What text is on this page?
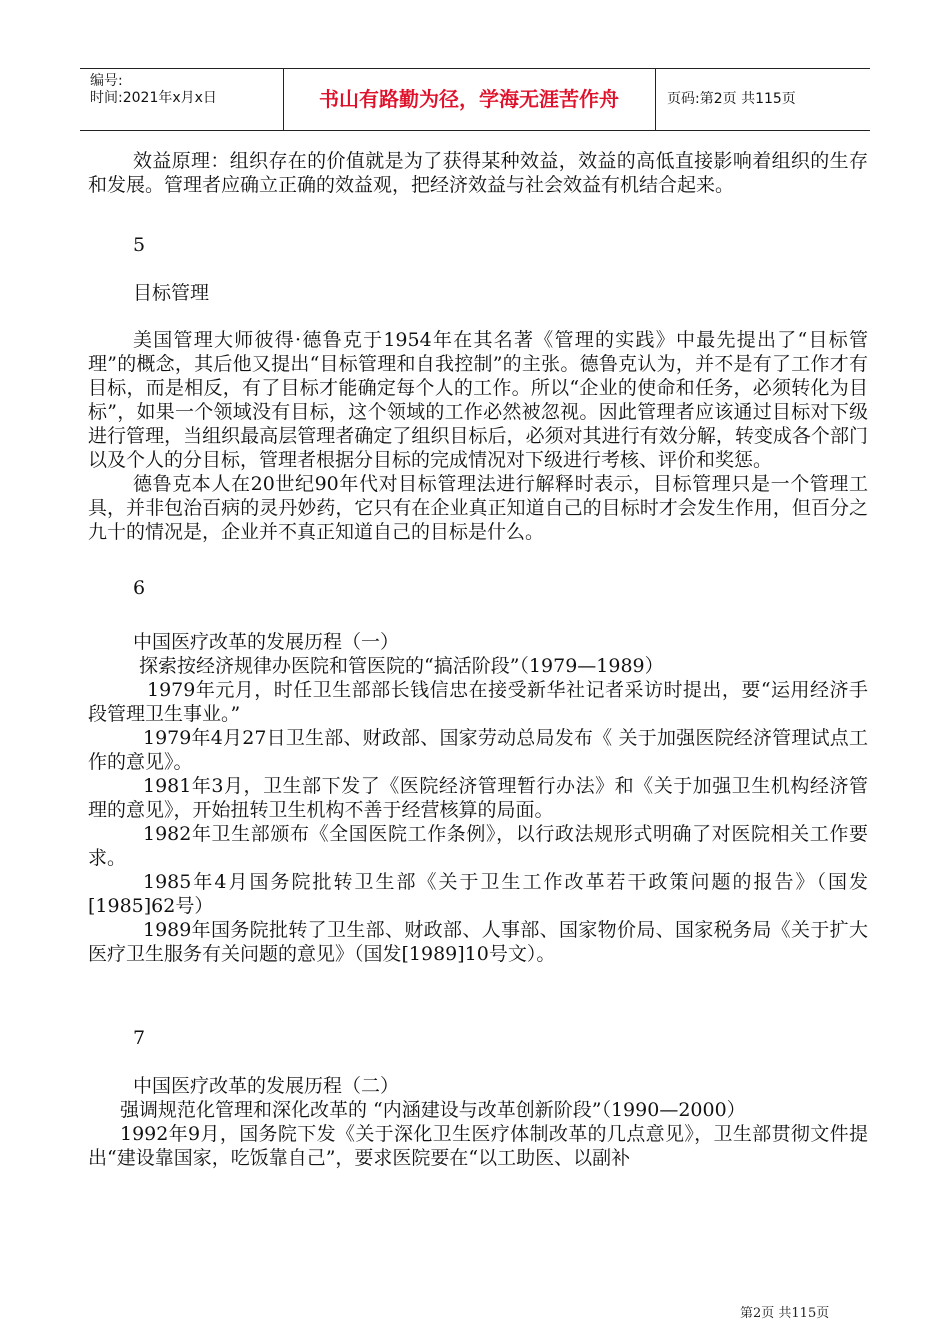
编号:
时间:2021年x月x日	书山有路勤为径，学海无涯苦作舟	页码:第2页 共115页

效益原理：组织存在的价值就是为了获得某种效益，效益的高低直接影响着组织的生存和发展。管理者应确立正确的效益观，把经济效益与社会效益有机结合起来。

5

目标管理

美国管理大师彼得·德鲁克于1954年在其名著《管理的实践》中最先提出了“目标管理”的概念，其后他又提出“目标管理和自我控制”的主张。德鲁克认为，并不是有了工作才有目标，而是相反，有了目标才能确定每个人的工作。所以“企业的使命和任务，必须转化为目标”，如果一个领域没有目标，这个领域的工作必然被忽视。因此管理者应该通过目标对下级进行管理，当组织最高层管理者确定了组织目标后，必须对其进行有效分解，转变成各个部门以及个人的分目标，管理者根据分目标的完成情况对下级进行考核、评价和奖惩。

德鲁克本人在20世纪90年代对目标管理法进行解释时表示，目标管理只是一个管理工具，并非包治百病的灵丹妙药，它只有在企业真正知道自己的目标时才会发生作用，但百分之九十的情况是，企业并不真正知道自己的目标是什么。

6

中国医疗改革的发展历程（一）

探索按经济规律办医院和管医院的“搞活阶段”（1979—1989）

1979年元月，时任卫生部部长钱信忠在接受新华社记者采访时提出，要“运用经济手段管理卫生事业。”

1979年4月27日卫生部、财政部、国家劳动总局发布《 关于加强医院经济管理试点工作的意见》。

1981年3月，卫生部下发了《医院经济管理暂行办法》和《关于加强卫生机构经济管理的意见》，开始扭转卫生机构不善于经营核算的局面。

1982年卫生部颁布《全国医院工作条例》，以行政法规形式明确了对医院相关工作要求。

1985年4月国务院批转卫生部《关于卫生工作改革若干政策问题的报告》（国发[1985]62号）

1989年国务院批转了卫生部、财政部、人事部、国家物价局、国家税务局《关于扩大医疗卫生服务有关问题的意见》（国发[1989]10号文）。

7

中国医疗改革的发展历程（二）

强调规范化管理和深化改革的 “内涵建设与改革创新阶段”（1990—2000）

1992年9月，国务院下发《关于深化卫生医疗体制改革的几点意见》，卫生部贯彻文件提出“建设靠国家，吃饭靠自己”，要求医院要在“以工助医、以副补

第2页 共115页
